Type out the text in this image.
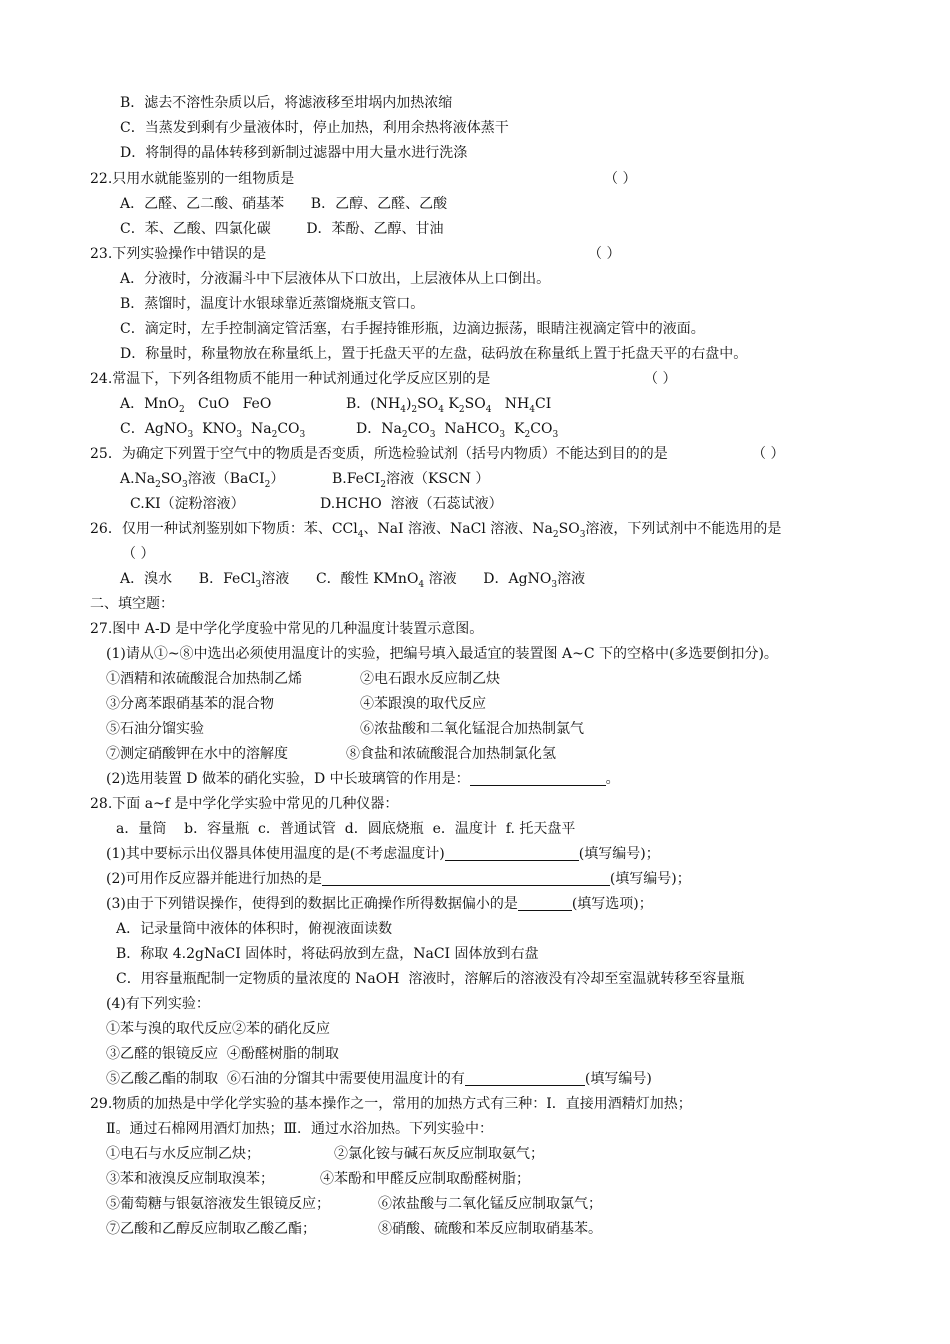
B．滤去不溶性杂质以后，将滤液移至坩埚内加热浓缩
C．当蒸发到剩有少量液体时，停止加热，利用余热将液体蒸干
D．将制得的晶体转移到新制过滤器中用大量水进行洗涤
22.只用水就能鉴别的一组物质是	（ ）
A．乙醛、乙二酸、硝基苯      B．乙醇、乙醛、乙酸
C．苯、乙酸、四氯化碳        D．苯酚、乙醇、甘油
23.下列实验操作中错误的是	（ ）
A．分液时，分液漏斗中下层液体从下口放出，上层液体从上口倒出。
B．蒸馏时，温度计水银球靠近蒸馏烧瓶支管口。
C．滴定时，左手控制滴定管活塞，右手握持锥形瓶，边滴边振荡，眼睛注视滴定管中的液面。
D．称量时，称量物放在称量纸上，置于托盘天平的左盘，砝码放在称量纸上置于托盘天平的右盘中。
24.常温下，下列各组物质不能用一种试剂通过化学反应区别的是	（ ）
A．MnO$_2$   CuO   FeO	B．$(NH_4)_2SO_4$ $K_2SO_4$   $NH_4CI$
C．AgNO$_3$  $KNO_3$  $Na_2CO_3$	D．$Na_2CO_3$  NaHCO$_3$  $K_2CO_3$
25．为确定下列置于空气中的物质是否变质，所选检验试剂（括号内物质）不能达到目的的是	（ ）
$A.Na_2SO_3$溶液（BaCI$_2$）	B.FeCI$_2$溶液（KSCN ）
C.KI（淀粉溶液）	D.HCHO  溶液（石蕊试液）
26．仅用一种试剂鉴别如下物质：苯、CCl$_4$、NaI 溶液、NaCl 溶液、$Na_2SO_3$溶液，下列试剂中不能选用的是
（ ）
A．溴水      B．FeCl$_3$溶液      C．酸性 KMnO$_4$ 溶液      D．AgNO$_3$溶液
二、填空题：
27.图中 A-D 是中学化学度验中常见的几种温度计装置示意图。
(1)请从①~⑧中选出必须使用温度计的实验，把编号填入最适宜的装置图 A~C 下的空格中(多选要倒扣分)。
①酒精和浓硫酸混合加热制乙烯	②电石跟水反应制乙炔
③分离苯跟硝基苯的混合物	④苯跟溴的取代反应
⑤石油分馏实验	⑥浓盐酸和二氧化锰混合加热制氯气
⑦测定硝酸钾在水中的溶解度	⑧食盐和浓硫酸混合加热制氯化氢
(2)选用装置 D 做苯的硝化实验，D 中长玻璃管的作用是：	。
28.下面 a~f 是中学化学实验中常见的几种仪器：
a．量筒    b．容量瓶  c．普通试管  d．圆底烧瓶  e．温度计  f. 托天盘平
(1)其中要标示出仪器具体使用温度的是(不考虑温度计)	(填写编号)；
(2)可用作反应器并能进行加热的是	(填写编号)；
(3)由于下列错误操作，使得到的数据比正确操作所得数据偏小的是	(填写选项)；
A．记录量筒中液体的体积时，俯视液面读数
B．称取 4.2gNaCI 固体时，将砝码放到左盘，NaCI 固体放到右盘
C．用容量瓶配制一定物质的量浓度的 NaOH  溶液时，溶解后的溶液没有冷却至室温就转移至容量瓶
(4)有下列实验：
①苯与溴的取代反应②苯的硝化反应
③乙醛的银镜反应  ④酚醛树脂的制取
⑤乙酸乙酯的制取  ⑥石油的分馏其中需要使用温度计的有	(填写编号)
29.物质的加热是中学化学实验的基本操作之一，常用的加热方式有三种：Ⅰ．直接用酒精灯加热；
Ⅱ。通过石棉网用酒灯加热；Ⅲ．通过水浴加热。下列实验中：
①电石与水反应制乙炔；	②氯化铵与碱石灰反应制取氨气；
③苯和液溴反应制取溴苯；	④苯酚和甲醛反应制取酚醛树脂；
⑤葡萄糖与银氨溶液发生银镜反应；	⑥浓盐酸与二氧化锰反应制取氯气；
⑦乙酸和乙醇反应制取乙酸乙酯；	⑧硝酸、硫酸和苯反应制取硝基苯。
